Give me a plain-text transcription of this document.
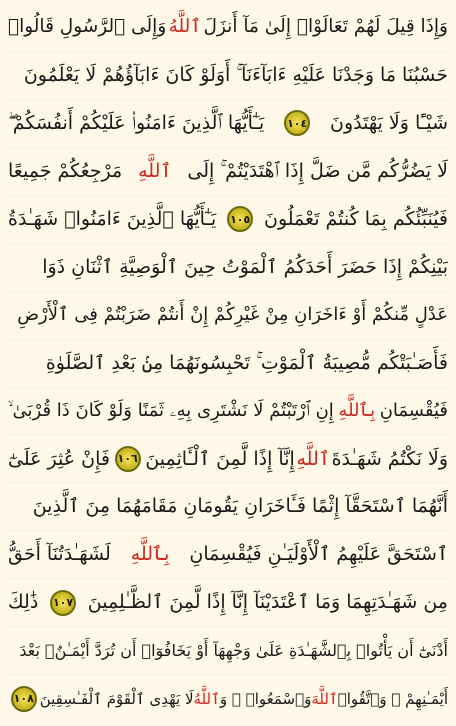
وَإِذَا قِيلَ لَهُمْ تَعَالَوْا۟ إِلَىٰ مَآ أَنزَلَ
ٱللَّهُ
وَإِلَى ٱلرَّسُولِ قَالُوا۟
حَسْبُنَا مَا وَجَدْنَا عَلَيْهِ ءَابَآءَنَآ ۚ أَوَلَوْ كَانَ ءَابَآؤُهُمْ لَا يَعْلَمُونَ
شَيْـًٔا وَلَا يَهْتَدُونَ
١٠٤
يَـٰٓأَيُّهَا ٱلَّذِينَ ءَامَنُوا۟ عَلَيْكُمْ أَنفُسَكُمْ ۖ
لَا يَضُرُّكُم مَّن ضَلَّ إِذَا ٱهْتَدَيْتُمْ ۚ إِلَى
ٱللَّهِ
مَرْجِعُكُمْ جَمِيعًا
فَيُنَبِّئُكُم بِمَا كُنتُمْ تَعْمَلُونَ
١٠٥
يَـٰٓأَيُّهَا ٱلَّذِينَ ءَامَنُوا۟ شَهَـٰدَةُ
بَيْنِكُمْ إِذَا حَضَرَ أَحَدَكُمُ ٱلْمَوْتُ حِينَ ٱلْوَصِيَّةِ ٱثْنَانِ ذَوَا
عَدْلٍ مِّنكُمْ أَوْ ءَاخَرَانِ مِنْ غَيْرِكُمْ إِنْ أَنتُمْ ضَرَبْتُمْ فِى ٱلْأَرْضِ
فَأَصَـٰبَتْكُم مُّصِيبَةُ ٱلْمَوْتِ ۚ تَحْبِسُونَهُمَا مِنۢ بَعْدِ ٱلصَّلَوٰةِ
فَيُقْسِمَانِ
بِٱللَّهِ
إِنِ ٱرْتَبْتُمْ لَا نَشْتَرِى بِهِۦ ثَمَنًا وَلَوْ كَانَ ذَا قُرْبَىٰ ۙ
وَلَا نَكْتُمُ شَهَـٰدَةَ
ٱللَّهِ
إِنَّآ إِذًا لَّمِنَ ٱلْـَٔاثِمِينَ
١٠٦
فَإِنْ عُثِرَ عَلَىٰٓ
أَنَّهُمَا ٱسْتَحَقَّآ إِثْمًا فَـَٔاخَرَانِ يَقُومَانِ مَقَامَهُمَا مِنَ ٱلَّذِينَ
ٱسْتَحَقَّ عَلَيْهِمُ ٱلْأَوْلَيَـٰنِ فَيُقْسِمَانِ
بِٱللَّهِ
لَشَهَـٰدَتُنَآ أَحَقُّ
مِن شَهَـٰدَتِهِمَا وَمَا ٱعْتَدَيْنَآ إِنَّآ إِذًا لَّمِنَ ٱلظَّـٰلِمِينَ
١٠٧
ذَٰلِكَ
أَدْنَىٰٓ أَن يَأْتُوا۟ بِٱلشَّهَـٰدَةِ عَلَىٰ وَجْهِهَآ أَوْ يَخَافُوٓا۟ أَن تُرَدَّ أَيْمَـٰنٌۢ بَعْدَ
أَيْمَـٰنِهِمْ ۗ وَٱتَّقُوا۟
ٱللَّهَ
وَٱسْمَعُوا۟ ۗ وَ
ٱللَّهُ
لَا يَهْدِى ٱلْقَوْمَ ٱلْفَـٰسِقِينَ
١٠٨
